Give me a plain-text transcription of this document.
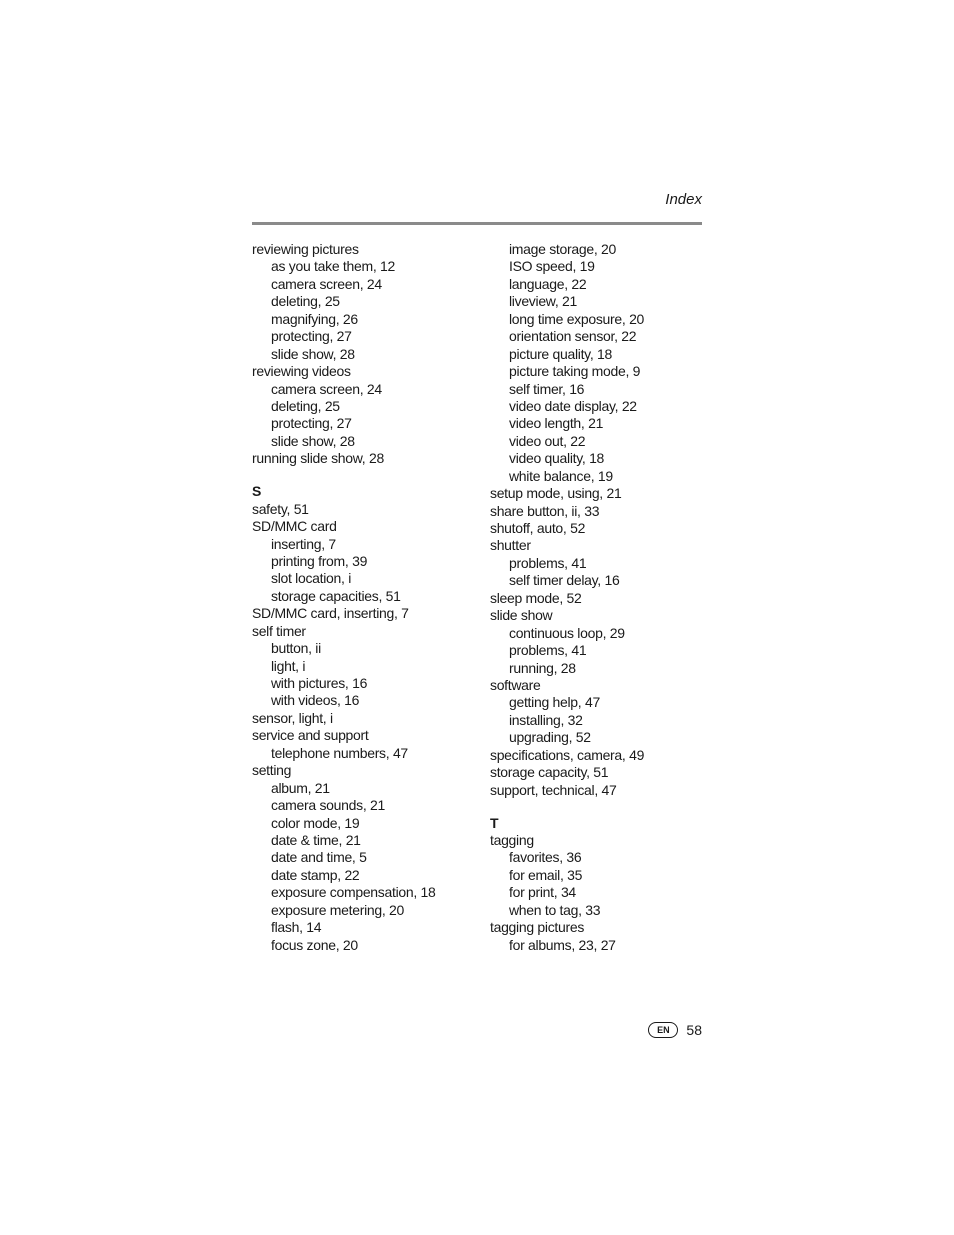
Index
reviewing pictures
as you take them, 12
camera screen, 24
deleting, 25
magnifying, 26
protecting, 27
slide show, 28
reviewing videos
camera screen, 24
deleting, 25
protecting, 27
slide show, 28
running slide show, 28
S
safety, 51
SD/MMC card
inserting, 7
printing from, 39
slot location, i
storage capacities, 51
SD/MMC card, inserting, 7
self timer
button, ii
light, i
with pictures, 16
with videos, 16
sensor, light, i
service and support
telephone numbers, 47
setting
album, 21
camera sounds, 21
color mode, 19
date & time, 21
date and time, 5
date stamp, 22
exposure compensation, 18
exposure metering, 20
flash, 14
focus zone, 20
image storage, 20
ISO speed, 19
language, 22
liveview, 21
long time exposure, 20
orientation sensor, 22
picture quality, 18
picture taking mode, 9
self timer, 16
video date display, 22
video length, 21
video out, 22
video quality, 18
white balance, 19
setup mode, using, 21
share button, ii, 33
shutoff, auto, 52
shutter
problems, 41
self timer delay, 16
sleep mode, 52
slide show
continuous loop, 29
problems, 41
running, 28
software
getting help, 47
installing, 32
upgrading, 52
specifications, camera, 49
storage capacity, 51
support, technical, 47
T
tagging
favorites, 36
for email, 35
for print, 34
when to tag, 33
tagging pictures
for albums, 23, 27
EN	58
